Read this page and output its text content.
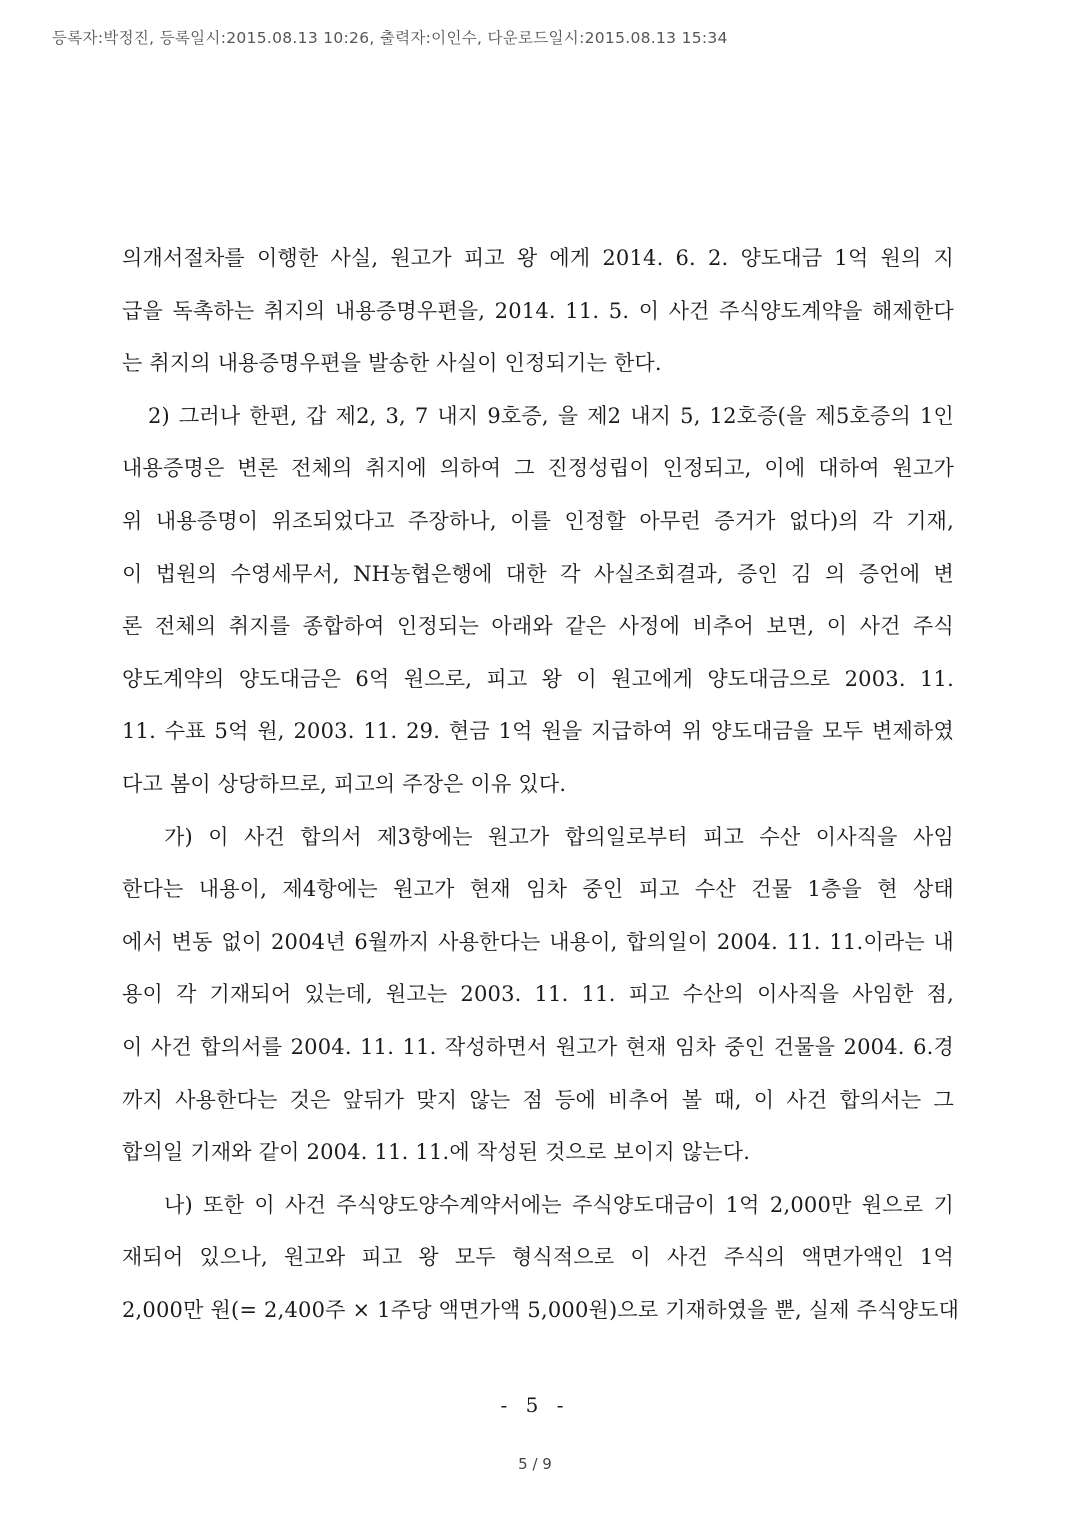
등록자:박정진, 등록일시:2015.08.13 10:26, 출력자:이인수, 다운로드일시:2015.08.13 15:34
의개서절차를 이행한 사실, 원고가 피고 왕 에게 2014. 6. 2. 양도대금 1억 원의 지
급을 독촉하는 취지의 내용증명우편을, 2014. 11. 5. 이 사건 주식양도계약을 해제한다
는 취지의 내용증명우편을 발송한 사실이 인정되기는 한다.
2) 그러나 한편, 갑 제2, 3, 7 내지 9호증, 을 제2 내지 5, 12호증(을 제5호증의 1인
내용증명은 변론 전체의 취지에 의하여 그 진정성립이 인정되고, 이에 대하여 원고가
위 내용증명이 위조되었다고 주장하나, 이를 인정할 아무런 증거가 없다)의 각 기재,
이 법원의 수영세무서, NH농협은행에 대한 각 사실조회결과, 증인 김 의 증언에 변
론 전체의 취지를 종합하여 인정되는 아래와 같은 사정에 비추어 보면, 이 사건 주식
양도계약의 양도대금은 6억 원으로, 피고 왕 이 원고에게 양도대금으로 2003. 11.
11. 수표 5억 원, 2003. 11. 29. 현금 1억 원을 지급하여 위 양도대금을 모두 변제하였
다고 봄이 상당하므로, 피고의 주장은 이유 있다.
가) 이 사건 합의서 제3항에는 원고가 합의일로부터 피고 수산 이사직을 사임
한다는 내용이, 제4항에는 원고가 현재 임차 중인 피고 수산 건물 1층을 현 상태
에서 변동 없이 2004년 6월까지 사용한다는 내용이, 합의일이 2004. 11. 11.이라는 내
용이 각 기재되어 있는데, 원고는 2003. 11. 11. 피고 수산의 이사직을 사임한 점,
이 사건 합의서를 2004. 11. 11. 작성하면서 원고가 현재 임차 중인 건물을 2004. 6.경
까지 사용한다는 것은 앞뒤가 맞지 않는 점 등에 비추어 볼 때, 이 사건 합의서는 그
합의일 기재와 같이 2004. 11. 11.에 작성된 것으로 보이지 않는다.
나) 또한 이 사건 주식양도양수계약서에는 주식양도대금이 1억 2,000만 원으로 기
재되어 있으나, 원고와 피고 왕 모두 형식적으로 이 사건 주식의 액면가액인 1억
2,000만 원(= 2,400주 × 1주당 액면가액 5,000원)으로 기재하였을 뿐, 실제 주식양도대
- 5 -
5 / 9
